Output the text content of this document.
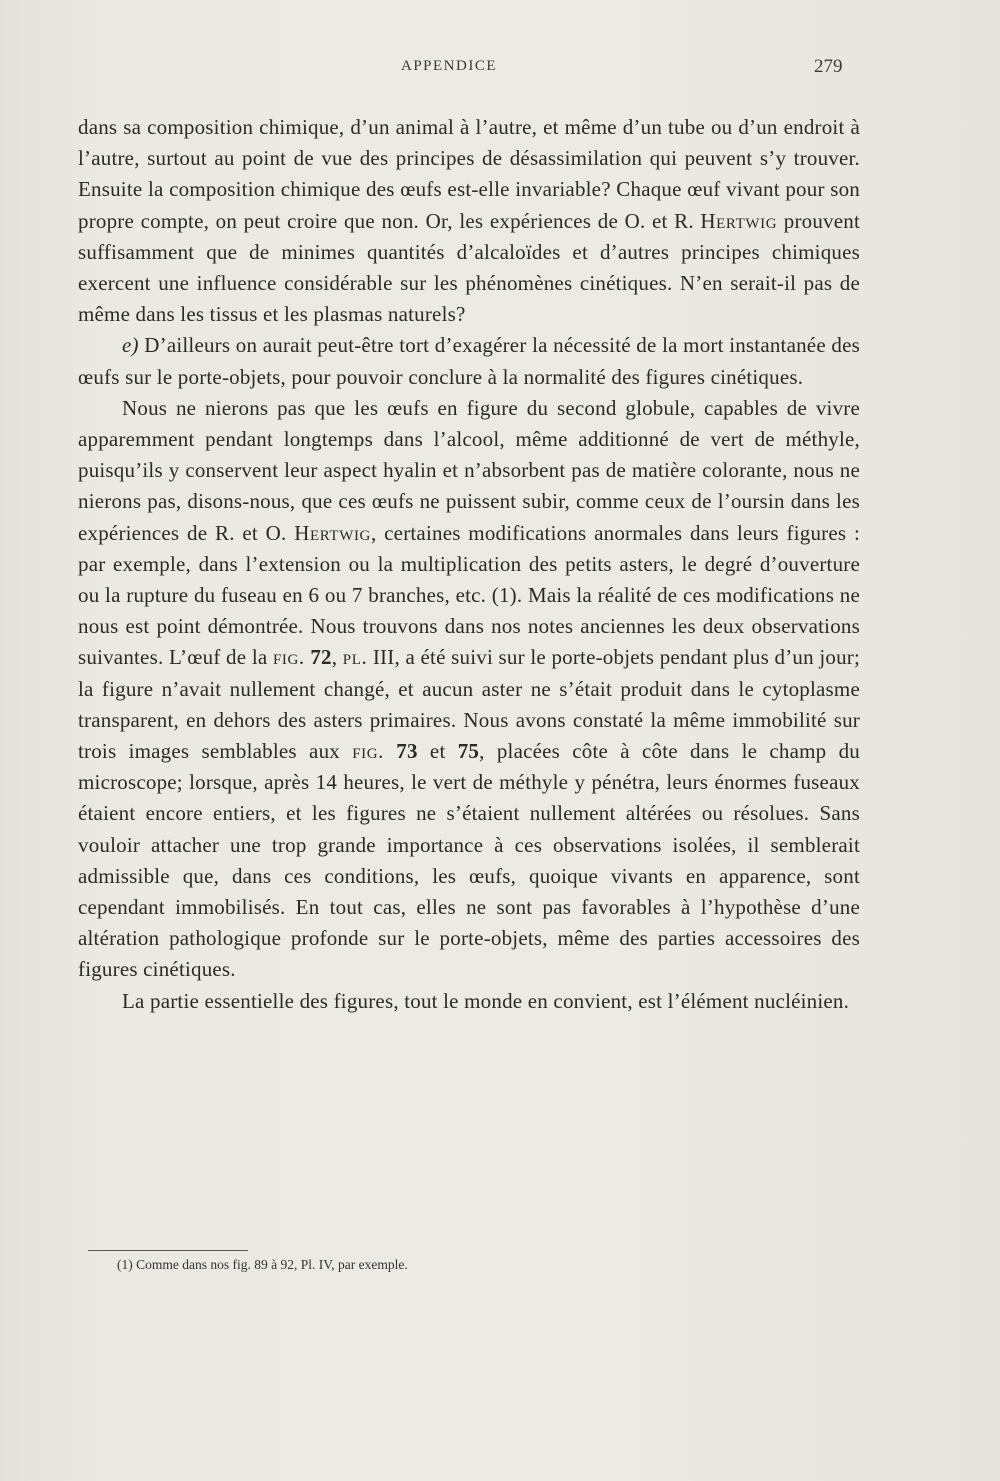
APPENDICE	279

dans sa composition chimique, d’un animal à l’autre, et même d’un tube ou d’un endroit à l’autre, surtout au point de vue des principes de désassimilation qui peuvent s’y trouver. Ensuite la composition chimique des œufs est-elle invariable? Chaque œuf vivant pour son propre compte, on peut croire que non. Or, les expériences de O. et R. Hertwig prouvent suffisamment que de minimes quantités d’alcaloïdes et d’autres principes chimiques exercent une influence considérable sur les phénomènes cinétiques. N’en serait-il pas de même dans les tissus et les plasmas naturels?

e) D’ailleurs on aurait peut-être tort d’exagérer la nécessité de la mort instantanée des œufs sur le porte-objets, pour pouvoir conclure à la normalité des figures cinétiques.

Nous ne nierons pas que les œufs en figure du second globule, capables de vivre apparemment pendant longtemps dans l’alcool, même additionné de vert de méthyle, puisqu’ils y conservent leur aspect hyalin et n’absorbent pas de matière colorante, nous ne nierons pas, disons-nous, que ces œufs ne puissent subir, comme ceux de l’oursin dans les expériences de R. et O. Hertwig, certaines modifications anormales dans leurs figures : par exemple, dans l’extension ou la multiplication des petits asters, le degré d’ouverture ou la rupture du fuseau en 6 ou 7 branches, etc. (1). Mais la réalité de ces modifications ne nous est point démontrée. Nous trouvons dans nos notes anciennes les deux observations suivantes. L’œuf de la fig. 72, pl. III, a été suivi sur le porte-objets pendant plus d’un jour; la figure n’avait nullement changé, et aucun aster ne s’était produit dans le cytoplasme transparent, en dehors des asters primaires. Nous avons constaté la même immobilité sur trois images semblables aux fig. 73 et 75, placées côte à côte dans le champ du microscope; lorsque, après 14 heures, le vert de méthyle y pénétra, leurs énormes fuseaux étaient encore entiers, et les figures ne s’étaient nullement altérées ou résolues. Sans vouloir attacher une trop grande importance à ces observations isolées, il semblerait admissible que, dans ces conditions, les œufs, quoique vivants en apparence, sont cependant immobilisés. En tout cas, elles ne sont pas favorables à l’hypothèse d’une altération pathologique profonde sur le porte-objets, même des parties accessoires des figures cinétiques.

La partie essentielle des figures, tout le monde en convient, est l’élément nucléinien.

(1) Comme dans nos fig. 89 à 92, Pl. IV, par exemple.
